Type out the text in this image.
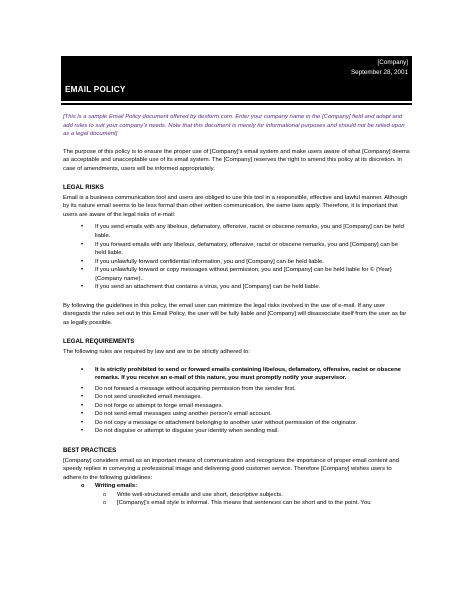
[Company]
September 28, 2001
EMAIL POLICY

[This is a sample Email Policy document offered by dexform.com. Enter your company name in the [Company] field and adapt and add rules to suit your company's needs. Note that this document is merely for informational purposes and should not be relied upon as a legal document]

The purpose of this policy is to ensure the proper use of [Company]'s email system and make users aware of what [Company] deems as acceptable and unacceptable use of its email system. The [Company] reserves the right to amend this policy at its discretion. In case of amendments, users will be informed appropriately.

LEGAL RISKS

Email is a business communication tool and users are obliged to use this tool in a responsible, effective and lawful manner. Although by its nature email seems to be less formal than other written communication, the same laws apply. Therefore, it is important that users are aware of the legal risks of e-mail:

• If you send emails with any libelous, defamatory, offensive, racist or obscene remarks, you and [Company] can be held liable.
• If you forward emails with any libelous, defamatory, offensive, racist or obscene remarks, you and [Company] can be held liable.
• If you unlawfully forward confidential information, you and [Company] can be held liable.
• If you unlawfully forward or copy messages without permission, you and [Company] can be held liable for © {Year} {Company name}..
• If you send an attachment that contains a virus, you and [Company] can be held liable.

By following the guidelines in this policy, the email user can minimize the legal risks involved in the use of e-mail. If any user disregards the rules set out in this Email Policy, the user will be fully liable and [Company] will disassociate itself from the user as far as legally possible.

LEGAL REQUIREMENTS

The following rules are required by law and are to be strictly adhered to:

• It is strictly prohibited to send or forward emails containing libelous, defamatory, offensive, racist or obscene remarks. If you receive an e-mail of this nature, you must promptly notify your supervisor.
• Do not forward a message without acquiring permission from the sender first.
• Do not send unsolicited email messages.
• Do not forge or attempt to forge email messages.
• Do not send email messages using another person's email account.
• Do not copy a message or attachment belonging to another user without permission of the originator.
• Do not disguise or attempt to disguise your identity when sending mail.
BEST PRACTICES

[Company] considers email as an important means of communication and recognizes the importance of proper email content and speedy replies in conveying a professional image and delivering good customer service. Therefore [Company] wishes users to adhere to the following guidelines:

o Writing emails:
o Write well-structured emails and use short, descriptive subjects.
o [Company]'s email style is informal. This means that sentences can be short and to the point. You
